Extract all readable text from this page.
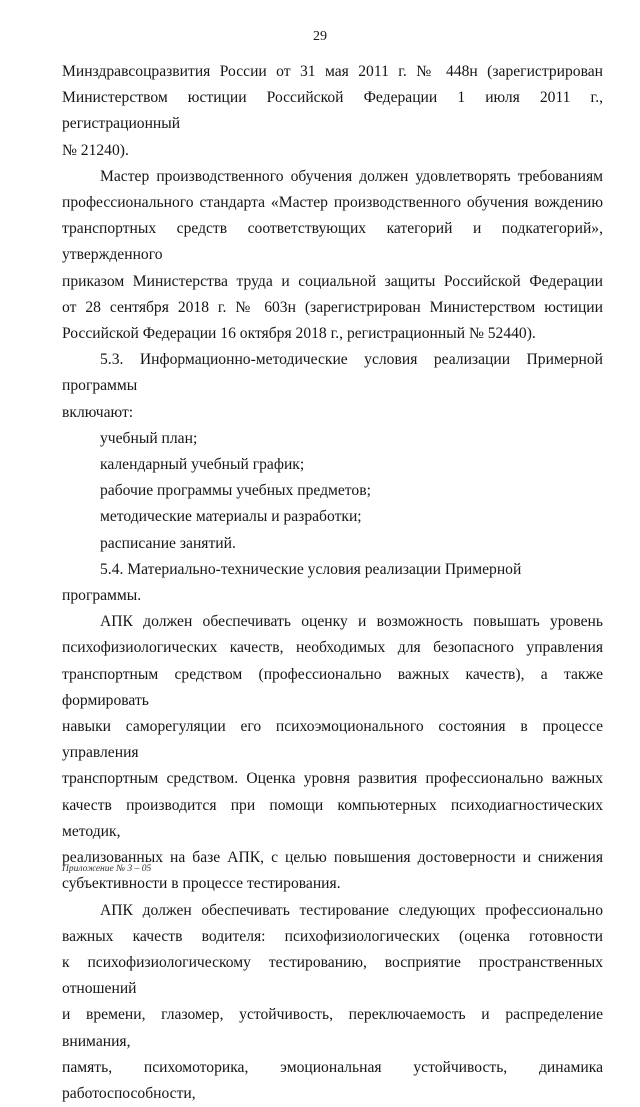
29

Минздравсоцразвития России от 31 мая 2011 г. № 448н (зарегистрирован

Министерством юстиции Российской Федерации 1 июля 2011 г., регистрационный

№ 21240).

Мастер производственного обучения должен удовлетворять требованиям

профессионального стандарта «Мастер производственного обучения вождению

транспортных средств соответствующих категорий и подкатегорий», утвержденного

приказом Министерства труда и социальной защиты Российской Федерации

от 28 сентября 2018 г. № 603н (зарегистрирован Министерством юстиции

Российской Федерации 16 октября 2018 г., регистрационный № 52440).

5.3. Информационно-методические условия реализации Примерной программы

включают:

учебный план;

календарный учебный график;

рабочие программы учебных предметов;

методические материалы и разработки;

расписание занятий.

5.4. Материально-технические условия реализации Примерной программы.

АПК должен обеспечивать оценку и возможность повышать уровень

психофизиологических качеств, необходимых для безопасного управления

транспортным средством (профессионально важных качеств), а также формировать

навыки саморегуляции его психоэмоционального состояния в процессе управления

транспортным средством. Оценка уровня развития профессионально важных

качеств производится при помощи компьютерных психодиагностических методик,

реализованных на базе АПК, с целью повышения достоверности и снижения

субъективности в процессе тестирования.

АПК должен обеспечивать тестирование следующих профессионально

важных качеств водителя: психофизиологических (оценка готовности

к психофизиологическому тестированию, восприятие пространственных отношений

и времени, глазомер, устойчивость, переключаемость и распределение внимания,

память, психомоторика, эмоциональная устойчивость, динамика работоспособности,

Приложение № 3 – 05
